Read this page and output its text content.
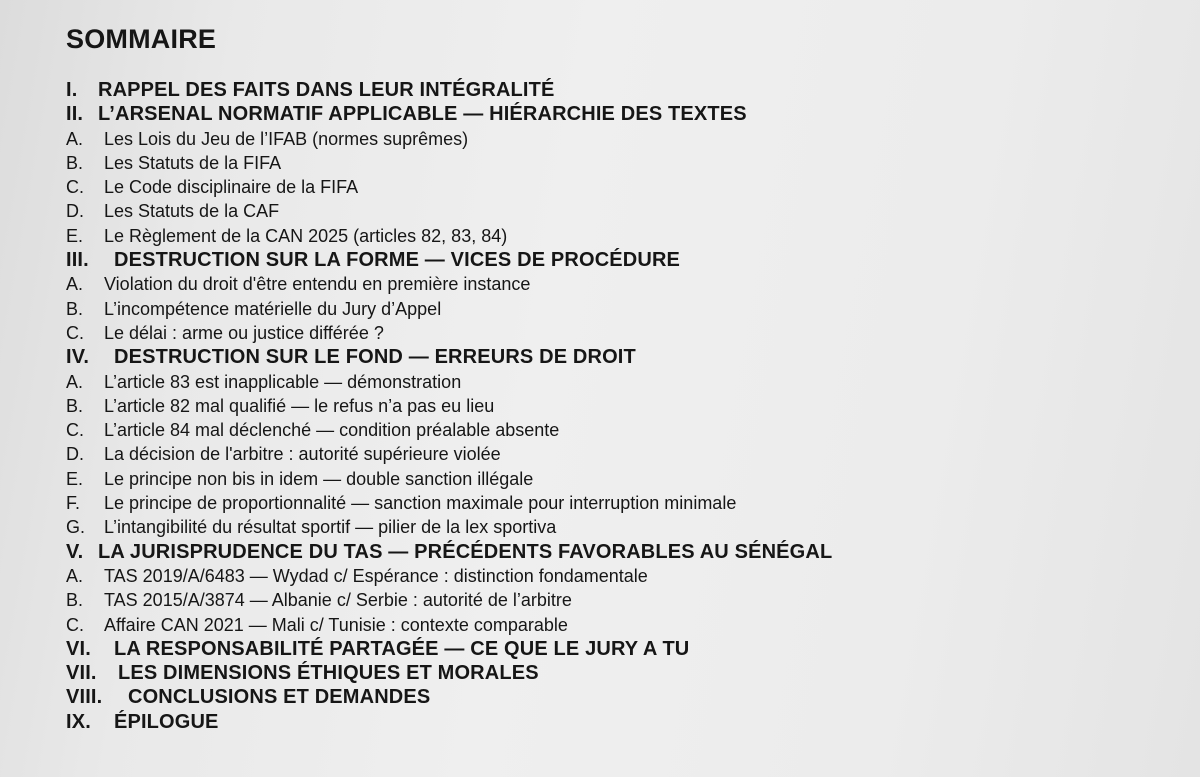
SOMMAIRE
I.	RAPPEL DES FAITS DANS LEUR INTÉGRALITÉ
II. L’ARSENAL NORMATIF APPLICABLE — HIÉRARCHIE DES TEXTES
A.	Les Lois du Jeu de l’IFAB (normes suprêmes)
B.	Les Statuts de la FIFA
C.	Le Code disciplinaire de la FIFA
D.	Les Statuts de la CAF
E.	Le Règlement de la CAN 2025 (articles 82, 83, 84)
III.	DESTRUCTION SUR LA FORME — VICES DE PROCÉDURE
A.	Violation du droit d'être entendu en première instance
B.	L’incompétence matérielle du Jury d’Appel
C.	Le délai : arme ou justice différée ?
IV.	DESTRUCTION SUR LE FOND — ERREURS DE DROIT
A.	L’article 83 est inapplicable — démonstration
B.	L’article 82 mal qualifié — le refus n’a pas eu lieu
C.	L’article 84 mal déclenché — condition préalable absente
D.	La décision de l'arbitre : autorité supérieure violée
E.	Le principe non bis in idem — double sanction illégale
F.	Le principe de proportionnalité — sanction maximale pour interruption minimale
G.	L’intangibilité du résultat sportif — pilier de la lex sportiva
V. LA JURISPRUDENCE DU TAS — PRÉCÉDENTS FAVORABLES AU SÉNÉGAL
A.	TAS 2019/A/6483 — Wydad c/ Espérance : distinction fondamentale
B.	TAS 2015/A/3874 — Albanie c/ Serbie : autorité de l’arbitre
C.	Affaire CAN 2021 — Mali c/ Tunisie : contexte comparable
VI.	LA RESPONSABILITÉ PARTAGÉE — CE QUE LE JURY A TU
VII.	LES DIMENSIONS ÉTHIQUES ET MORALES
VIII.	CONCLUSIONS ET DEMANDES
IX.	ÉPILOGUE
